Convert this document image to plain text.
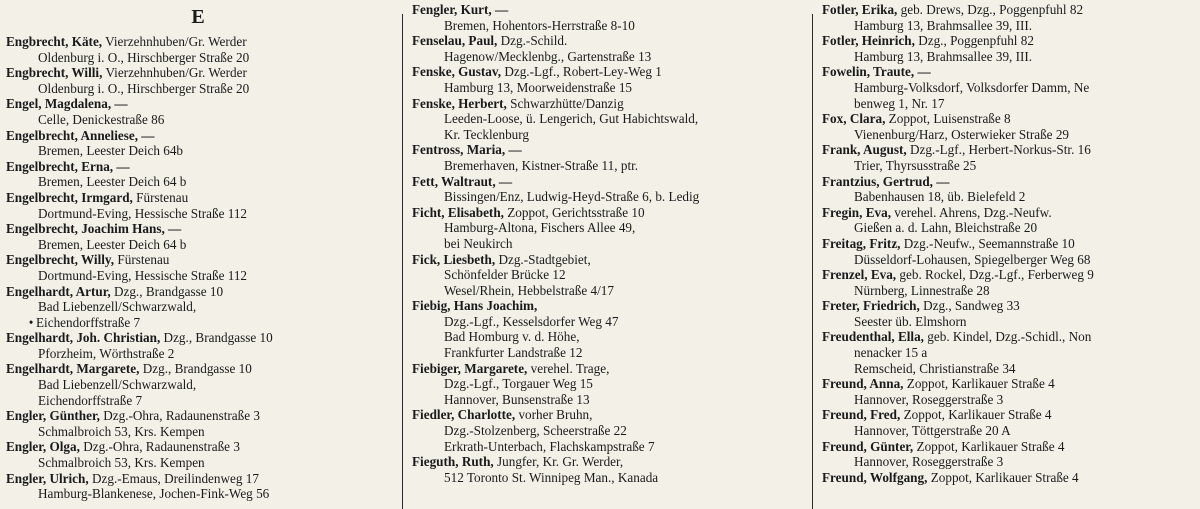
E
Engbrecht, Käte, Vierzehnhuben/Gr. Werder
Oldenburg i. O., Hirschberger Straße 20
Engbrecht, Willi, Vierzehnhuben/Gr. Werder
Oldenburg i. O., Hirschberger Straße 20
Engel, Magdalena, —
Celle, Denickestraße 86
Engelbrecht, Anneliese, —
Bremen, Leester Deich 64b
Engelbrecht, Erna, —
Bremen, Leester Deich 64 b
Engelbrecht, Irmgard, Fürstenau
Dortmund-Eving, Hessische Straße 112
Engelbrecht, Joachim Hans, —
Bremen, Leester Deich 64 b
Engelbrecht, Willy, Fürstenau
Dortmund-Eving, Hessische Straße 112
Engelhardt, Artur, Dzg., Brandgasse 10
Bad Liebenzell/Schwarzwald,
• Eichendorffstraße 7
Engelhardt, Joh. Christian, Dzg., Brandgasse 10
Pforzheim, Wörthstraße 2
Engelhardt, Margarete, Dzg., Brandgasse 10
Bad Liebenzell/Schwarzwald,
Eichendorffstraße 7
Engler, Günther, Dzg.-Ohra, Radaunenstraße 3
Schmalbroich 53, Krs. Kempen
Engler, Olga, Dzg.-Ohra, Radaunenstraße 3
Schmalbroich 53, Krs. Kempen
Engler, Ulrich, Dzg.-Emaus, Dreilindenweg 17
Hamburg-Blankenese, Jochen-Fink-Weg 56
Fengler, Kurt, —
Bremen, Hohentors-Herrstraße 8-10
Fenselau, Paul, Dzg.-Schild.
Hagenow/Mecklenbg., Gartenstraße 13
Fenske, Gustav, Dzg.-Lgf., Robert-Ley-Weg 1
Hamburg 13, Moorweidenstraße 15
Fenske, Herbert, Schwarzhütte/Danzig
Leeden-Loose, ü. Lengerich, Gut Habichtswald,
Kr. Tecklenburg
Fentross, Maria, —
Bremerhaven, Kistner-Straße 11, ptr.
Fett, Waltraut, —
Bissingen/Enz, Ludwig-Heyd-Straße 6, b. Ledig
Ficht, Elisabeth, Zoppot, Gerichtsstraße 10
Hamburg-Altona, Fischers Allee 49,
bei Neukirch
Fick, Liesbeth, Dzg.-Stadtgebiet,
Schönfelder Brücke 12
Wesel/Rhein, Hebbelstraße 4/17
Fiebig, Hans Joachim,
Dzg.-Lgf., Kesselsdorfer Weg 47
Bad Homburg v. d. Höhe,
Frankfurter Landstraße 12
Fiebiger, Margarete, verehel. Trage,
Dzg.-Lgf., Torgauer Weg 15
Hannover, Bunsenstraße 13
Fiedler, Charlotte, vorher Bruhn,
Dzg.-Stolzenberg, Scheerstraße 22
Erkrath-Unterbach, Flachskampstraße 7
Fieguth, Ruth, Jungfer, Kr. Gr. Werder,
512 Toronto St. Winnipeg Man., Kanada
Fotler, Erika, geb. Drews, Dzg., Poggenpfuhl 82
Hamburg 13, Brahmsallee 39, III.
Fotler, Heinrich, Dzg., Poggenpfuhl 82
Hamburg 13, Brahmsallee 39, III.
Fowelin, Traute, —
Hamburg-Volksdorf, Volksdorfer Damm, Ne
benweg 1, Nr. 17
Fox, Clara, Zoppot, Luisenstraße 8
Vienenburg/Harz, Osterwieker Straße 29
Frank, August, Dzg.-Lgf., Herbert-Norkus-Str. 16
Trier, Thyrsusstraße 25
Frantzius, Gertrud, —
Babenhausen 18, üb. Bielefeld 2
Fregin, Eva, verehel. Ahrens, Dzg.-Neufw.
Gießen a. d. Lahn, Bleichstraße 20
Freitag, Fritz, Dzg.-Neufw., Seemannstraße 10
Düsseldorf-Lohausen, Spiegelberger Weg 68
Frenzel, Eva, geb. Rockel, Dzg.-Lgf., Ferberweg 9
Nürnberg, Linnestraße 28
Freter, Friedrich, Dzg., Sandweg 33
Seester üb. Elmshorn
Freudenthal, Ella, geb. Kindel, Dzg.-Schidl., Non
nenacker 15 a
Remscheid, Christianstraße 34
Freund, Anna, Zoppot, Karlikauer Straße 4
Hannover, Roseggerstraße 3
Freund, Fred, Zoppot, Karlikauer Straße 4
Hannover, Töttgerstraße 20 A
Freund, Günter, Zoppot, Karlikauer Straße 4
Hannover, Roseggerstraße 3
Freund, Wolfgang, Zoppot, Karlikauer Straße 4
